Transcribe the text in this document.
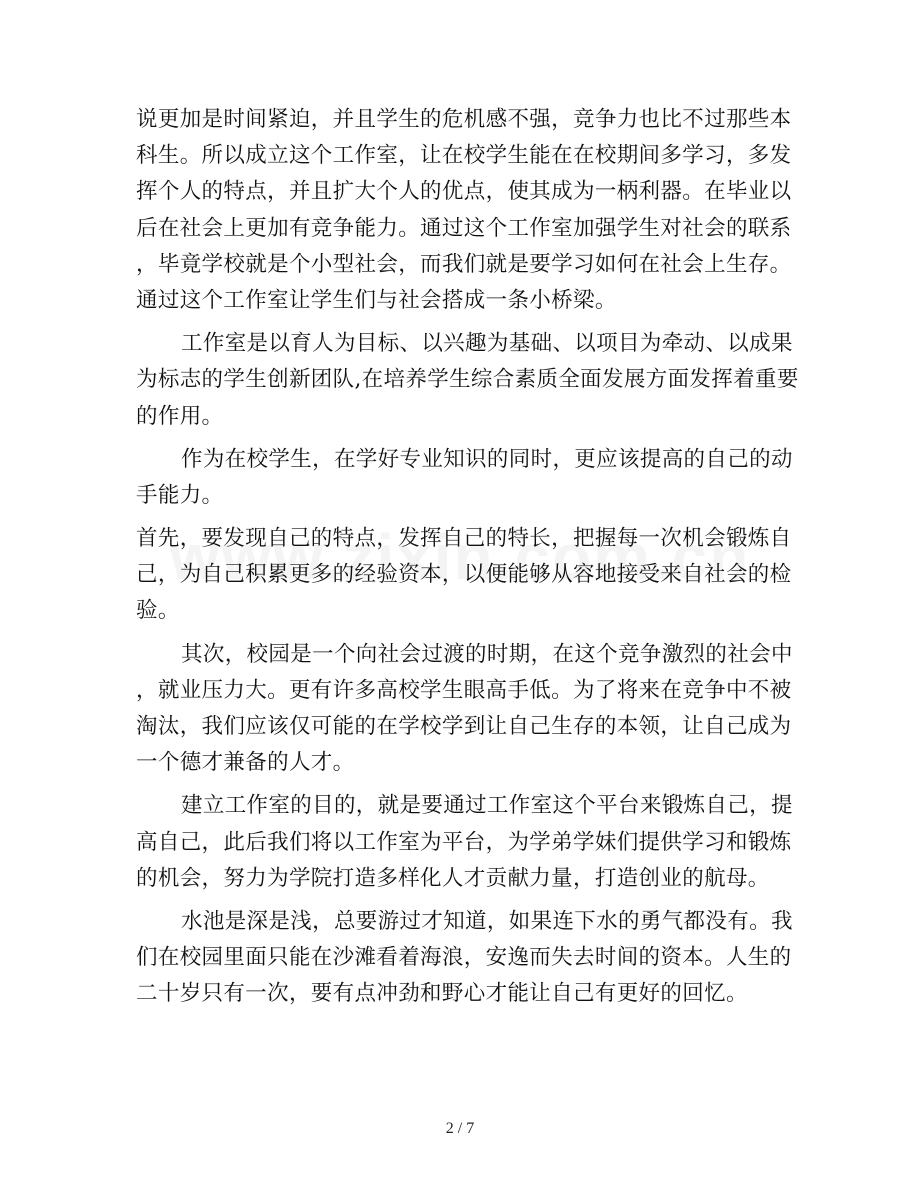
说更加是时间紧迫，并且学生的危机感不强，竞争力也比不过那些本
科生。所以成立这个工作室，让在校学生能在在校期间多学习，多发
挥个人的特点，并且扩大个人的优点，使其成为一柄利器。在毕业以
后在社会上更加有竞争能力。通过这个工作室加强学生对社会的联系
，毕竟学校就是个小型社会，而我们就是要学习如何在社会上生存。
通过这个工作室让学生们与社会搭成一条小桥梁。
工作室是以育人为目标、以兴趣为基础、以项目为牵动、以成果
为标志的学生创新团队,在培养学生综合素质全面发展方面发挥着重要
的作用。
作为在校学生，在学好专业知识的同时，更应该提高的自己的动
手能力。
首先，要发现自己的特点，发挥自己的特长，把握每一次机会锻炼自
己，为自己积累更多的经验资本，以便能够从容地接受来自社会的检
验。
其次，校园是一个向社会过渡的时期，在这个竞争激烈的社会中
，就业压力大。更有许多高校学生眼高手低。为了将来在竞争中不被
淘汰，我们应该仅可能的在学校学到让自己生存的本领，让自己成为
一个德才兼备的人才。
建立工作室的目的，就是要通过工作室这个平台来锻炼自己，提
高自己，此后我们将以工作室为平台，为学弟学妹们提供学习和锻炼
的机会，努力为学院打造多样化人才贡献力量，打造创业的航母。
水池是深是浅，总要游过才知道，如果连下水的勇气都没有。我
们在校园里面只能在沙滩看着海浪，安逸而失去时间的资本。人生的
二十岁只有一次，要有点冲劲和野心才能让自己有更好的回忆。
2 / 7
